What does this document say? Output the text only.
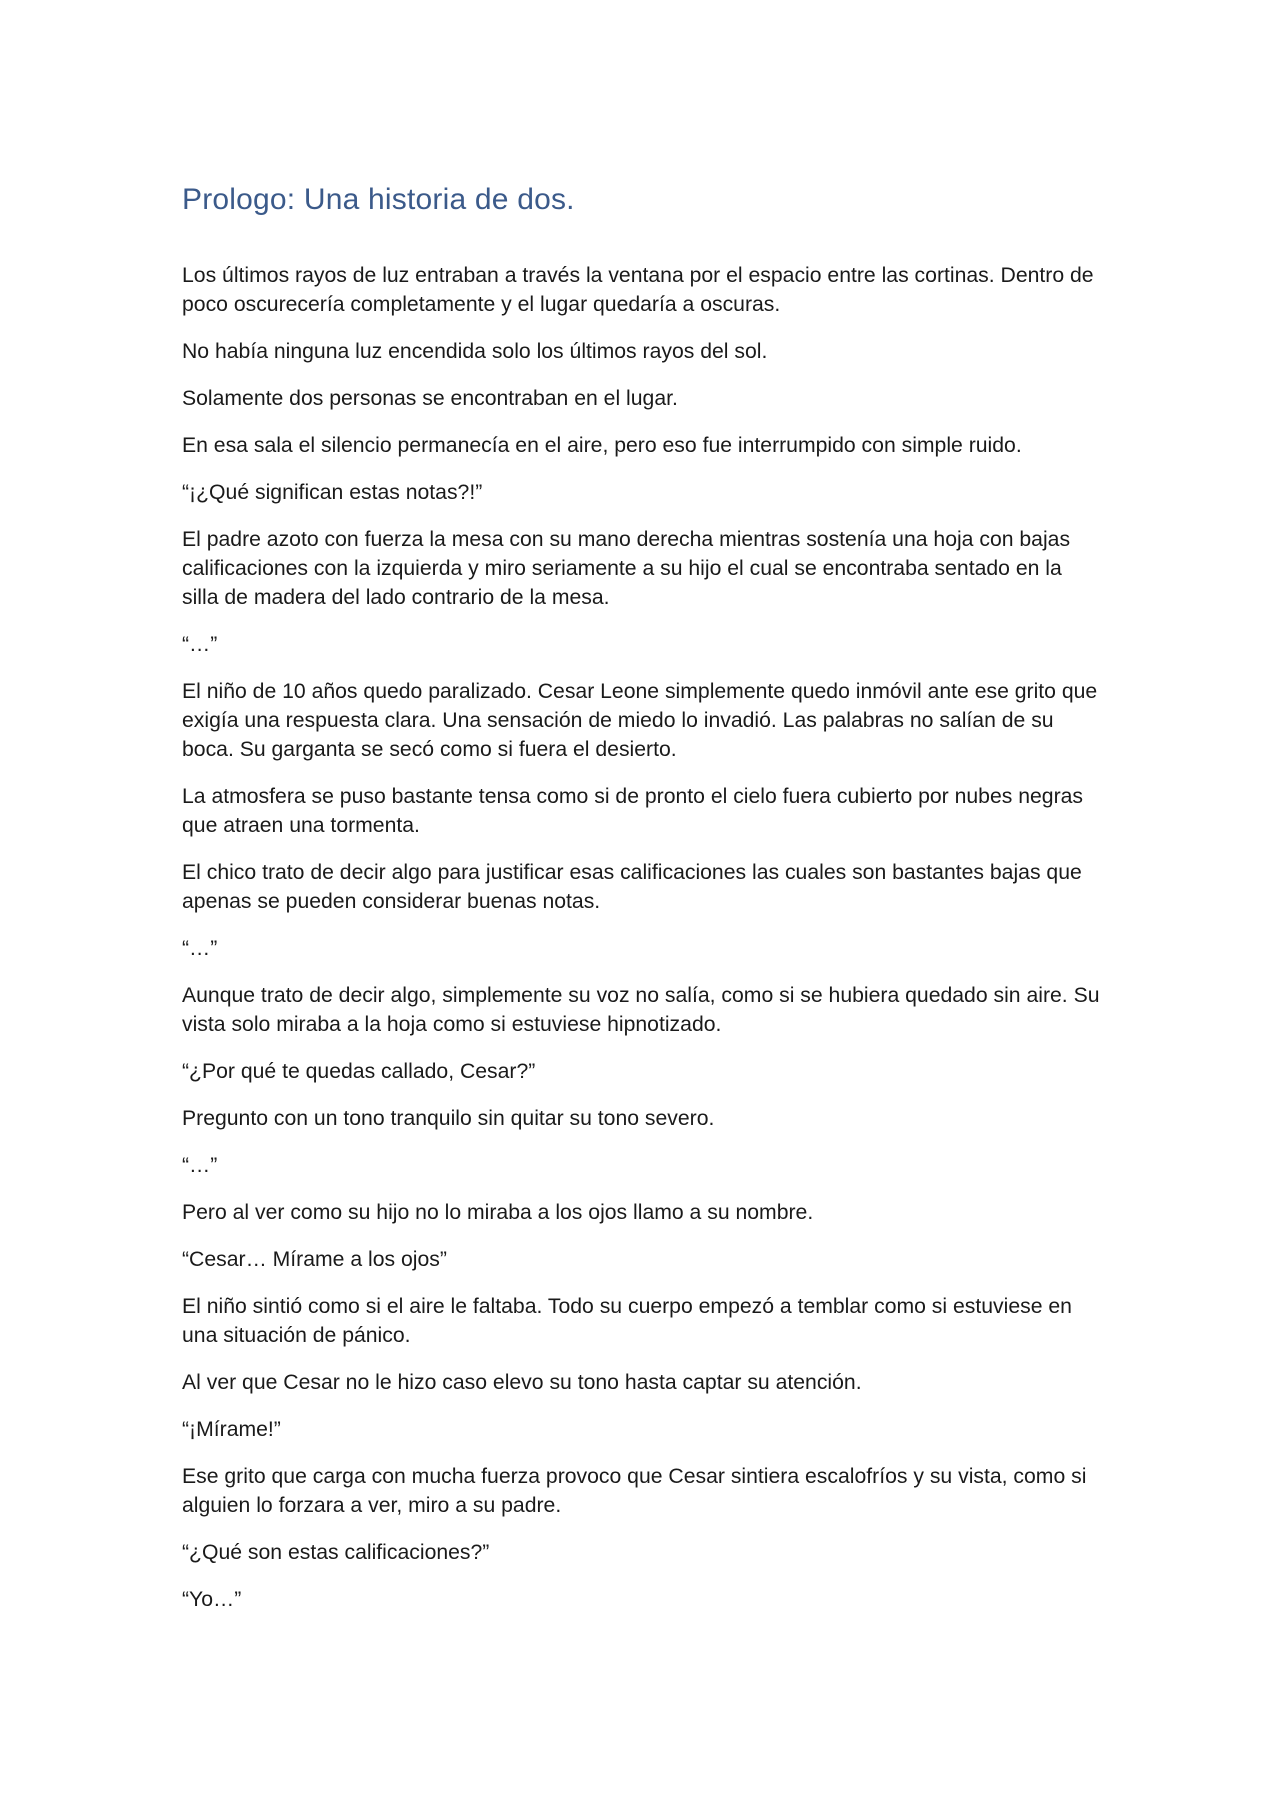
Prologo: Una historia de dos.

Los últimos rayos de luz entraban a través la ventana por el espacio entre las cortinas. Dentro de poco oscurecería completamente y el lugar quedaría a oscuras.

No había ninguna luz encendida solo los últimos rayos del sol.

Solamente dos personas se encontraban en el lugar.

En esa sala el silencio permanecía en el aire, pero eso fue interrumpido con simple ruido.

“¡¿Qué significan estas notas?!”

El padre azoto con fuerza la mesa con su mano derecha mientras sostenía una hoja con bajas calificaciones con la izquierda y miro seriamente a su hijo el cual se encontraba sentado en la silla de madera del lado contrario de la mesa.

“…”

El niño de 10 años quedo paralizado. Cesar Leone simplemente quedo inmóvil ante ese grito que exigía una respuesta clara. Una sensación de miedo lo invadió. Las palabras no salían de su boca. Su garganta se secó como si fuera el desierto.

La atmosfera se puso bastante tensa como si de pronto el cielo fuera cubierto por nubes negras que atraen una tormenta.

El chico trato de decir algo para justificar esas calificaciones las cuales son bastantes bajas que apenas se pueden considerar buenas notas.

“…”

Aunque trato de decir algo, simplemente su voz no salía, como si se hubiera quedado sin aire. Su vista solo miraba a la hoja como si estuviese hipnotizado.

“¿Por qué te quedas callado, Cesar?”

Pregunto con un tono tranquilo sin quitar su tono severo.

“…”

Pero al ver como su hijo no lo miraba a los ojos llamo a su nombre.

“Cesar… Mírame a los ojos”

El niño sintió como si el aire le faltaba. Todo su cuerpo empezó a temblar como si estuviese en una situación de pánico.

Al ver que Cesar no le hizo caso elevo su tono hasta captar su atención.

“¡Mírame!”

Ese grito que carga con mucha fuerza provoco que Cesar sintiera escalofríos y su vista, como si alguien lo forzara a ver, miro a su padre.

“¿Qué son estas calificaciones?”

“Yo…”
